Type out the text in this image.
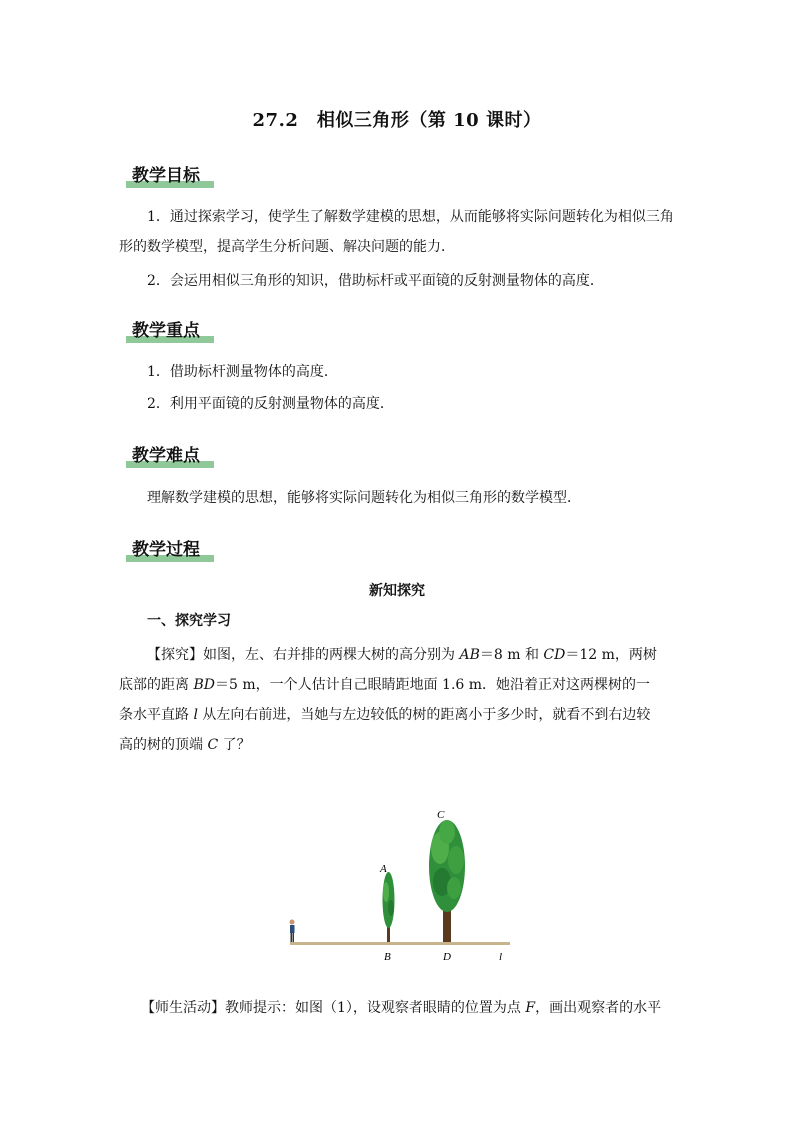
27.2　相似三角形（第 10 课时）
教学目标
1．通过探索学习，使学生了解数学建模的思想，从而能够将实际问题转化为相似三角形的数学模型，提高学生分析问题、解决问题的能力．
2．会运用相似三角形的知识，借助标杆或平面镜的反射测量物体的高度．
教学重点
1．借助标杆测量物体的高度．
2．利用平面镜的反射测量物体的高度．
教学难点
理解数学建模的思想，能够将实际问题转化为相似三角形的数学模型．
教学过程
新知探究
一、探究学习
【探究】如图，左、右并排的两棵大树的高分别为 AB＝8 m 和 CD＝12 m，两树底部的距离 BD＝5 m，一个人估计自己眼睛距地面 1.6 m．她沿着正对这两棵树的一条水平直路 l 从左向右前进，当她与左边较低的树的距离小于多少时，就看不到右边较高的树的顶端 C 了？
C
A
B	D	l
【师生活动】教师提示：如图（1），设观察者眼睛的位置为点 F，画出观察者的水平
